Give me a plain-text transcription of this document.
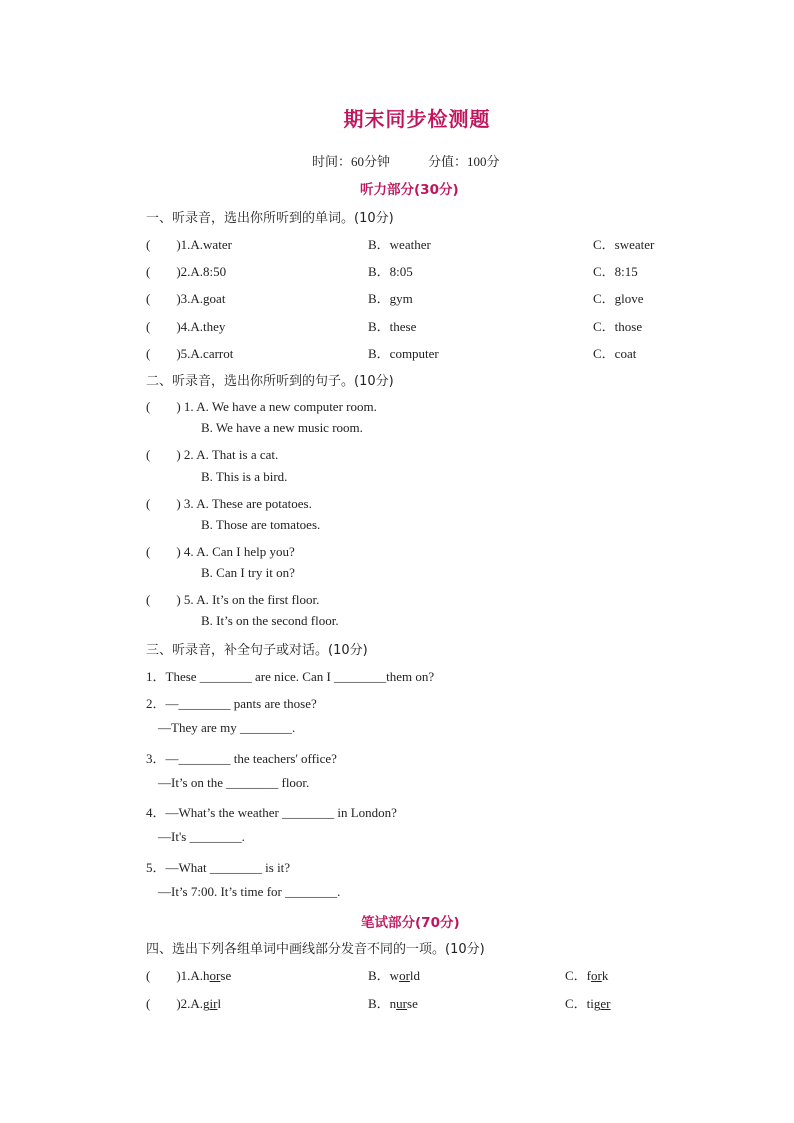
期末同步检测题
时间：60分钟	分值：100分
听力部分(30分)
一、听录音，选出你所听到的单词。(10分)
(　　)1.A.water	B．weather	C．sweater
(　　)2.A.8:50	B．8:05	C．8:15
(　　)3.A.goat	B．gym	C．glove
(　　)4.A.they	B．these	C．those
(　　)5.A.carrot	B．computer	C．coat
二、听录音，选出你所听到的句子。(10分)
(　　) 1. A. We have a new computer room.
B. We have a new music room.
(　　) 2. A. That is a cat.
B. This is a bird.
(　　) 3. A. These are potatoes.
B. Those are tomatoes.
(　　) 4. A. Can I help you?
B. Can I try it on?
(　　) 5. A. It’s on the first floor.
B. It’s on the second floor.
三、听录音，补全句子或对话。(10分)
1．These ________ are nice. Can I ________them on?
2．—________ pants are those?
—They are my ________.
3．—________ the teachers' office?
—It’s on the ________ floor.
4．—What’s the weather ________ in London?
—It's ________.
5．—What ________ is it?
—It’s 7:00. It’s time for ________.
笔试部分(70分)
四、选出下列各组单词中画线部分发音不同的一项。(10分)
(　　)1.A.horse	B．world	C．fork
(　　)2.A.girl	B．nurse	C．tiger
